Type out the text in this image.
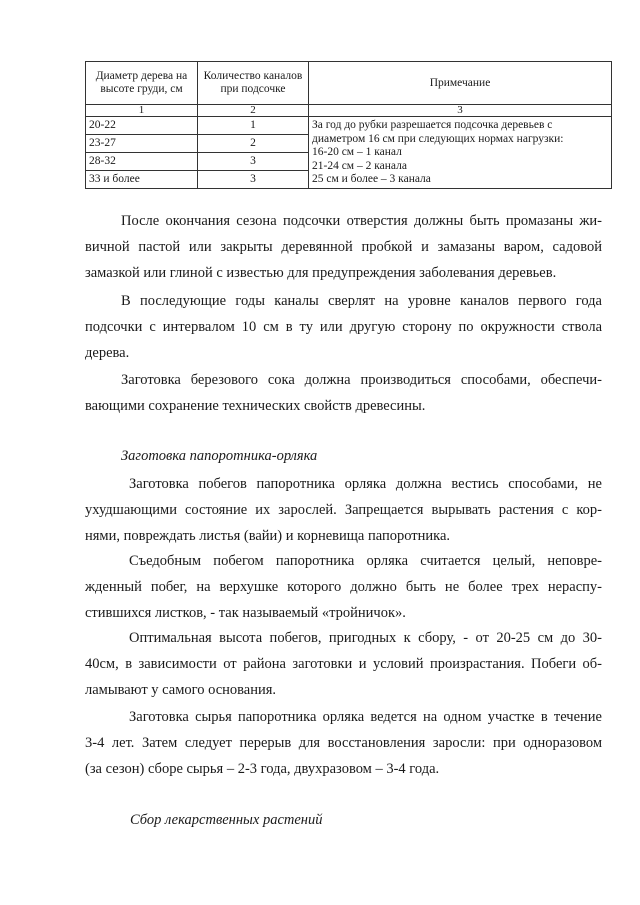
Диаметр дерева на высоте груди, см	Количество каналов при подсочке	Примечание
1	2	3
20-22	1	За год до рубки разрешается подсочка деревьев с
диаметром 16 см при следующих нормах нагрузки:
16-20 см – 1 канал
21-24 см – 2 канала
25 см и более – 3 канала

23-27	2	
28-32	3	
33 и более	3	
После окончания сезона подсочки отверстия должны быть промазаны жи-
вичной пастой или закрыты деревянной пробкой и замазаны варом, садовой
замазкой или глиной с известью для предупреждения заболевания деревьев.
В последующие годы каналы сверлят на уровне каналов первого года
подсочки с интервалом 10 см в ту или другую сторону по окружности ствола
дерева.
Заготовка березового сока должна производиться способами, обеспечи-
вающими сохранение технических свойств древесины.
Заготовка папоротника-орляка
Заготовка побегов папоротника орляка должна вестись способами, не
ухудшающими состояние их зарослей. Запрещается вырывать растения с кор-
нями, повреждать листья (вайи) и корневища папоротника.
Съедобным побегом папоротника орляка считается целый, неповре-
жденный побег, на верхушке которого должно быть не более трех нераспу-
стившихся листков, - так называемый «тройничок».
Оптимальная высота побегов, пригодных к сбору, - от 20-25 см до 30-
40см, в зависимости от района заготовки и условий произрастания. Побеги об-
ламывают у самого основания.
Заготовка сырья папоротника орляка ведется на одном участке в течение
3-4 лет. Затем следует перерыв для восстановления заросли: при одноразовом
(за сезон) сборе сырья – 2-3 года, двухразовом – 3-4 года.
Сбор лекарственных растений
